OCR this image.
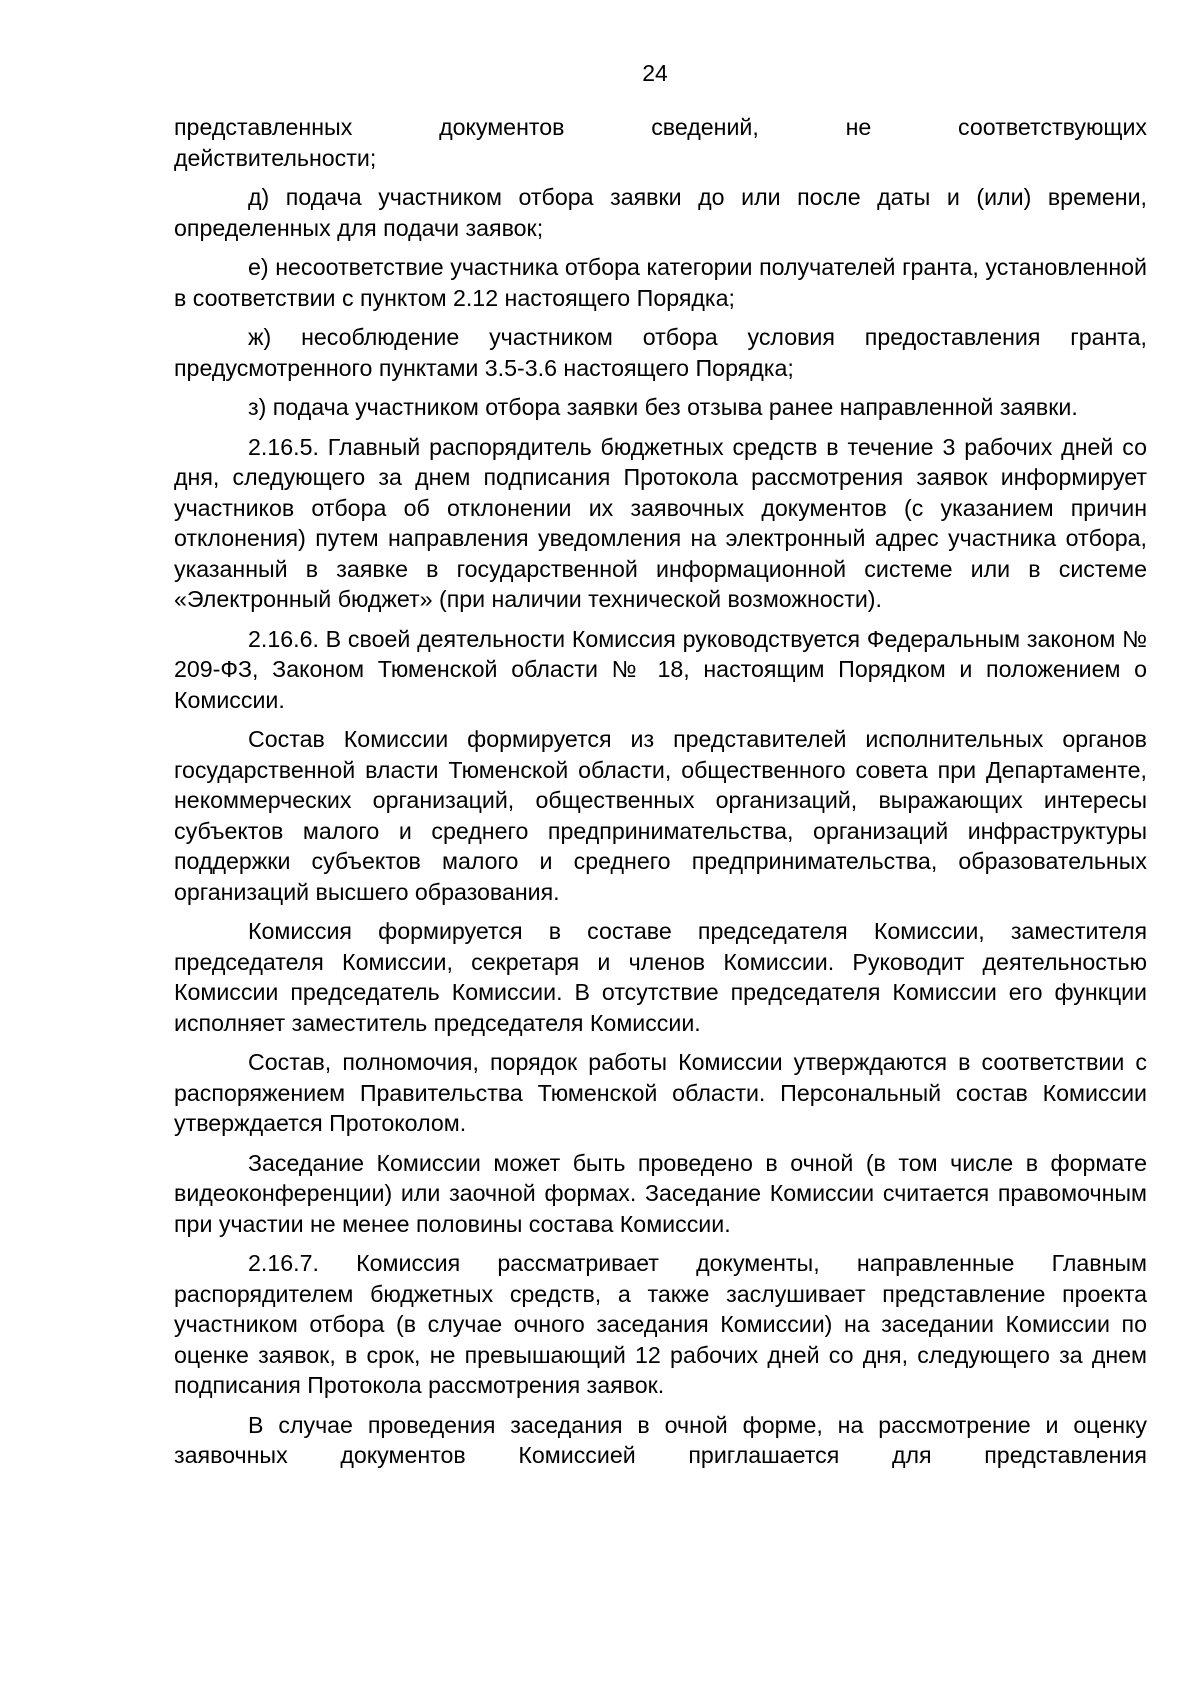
24
представленных документов сведений, не соответствующих
действительности;

д) подача участником отбора заявки до или после даты и (или) времени, определенных для подачи заявок;

е) несоответствие участника отбора категории получателей гранта, установленной в соответствии с пунктом 2.12 настоящего Порядка;

ж) несоблюдение участником отбора условия предоставления гранта, предусмотренного пунктами 3.5-3.6 настоящего Порядка;

з) подача участником отбора заявки без отзыва ранее направленной заявки.

2.16.5. Главный распорядитель бюджетных средств в течение 3 рабочих дней со дня, следующего за днем подписания Протокола рассмотрения заявок информирует участников отбора об отклонении их заявочных документов (с указанием причин отклонения) путем направления уведомления на электронный адрес участника отбора, указанный в заявке в государственной информационной системе или в системе «Электронный бюджет» (при наличии технической возможности).

2.16.6. В своей деятельности Комиссия руководствуется Федеральным законом № 209-ФЗ, Законом Тюменской области № 18, настоящим Порядком и положением о Комиссии.

Состав Комиссии формируется из представителей исполнительных органов государственной власти Тюменской области, общественного совета при Департаменте, некоммерческих организаций, общественных организаций, выражающих интересы субъектов малого и среднего предпринимательства, организаций инфраструктуры поддержки субъектов малого и среднего предпринимательства, образовательных организаций высшего образования.

Комиссия формируется в составе председателя Комиссии, заместителя председателя Комиссии, секретаря и членов Комиссии. Руководит деятельностью Комиссии председатель Комиссии. В отсутствие председателя Комиссии его функции исполняет заместитель председателя Комиссии.

Состав, полномочия, порядок работы Комиссии утверждаются в соответствии с распоряжением Правительства Тюменской области. Персональный состав Комиссии утверждается Протоколом.

Заседание Комиссии может быть проведено в очной (в том числе в формате видеоконференции) или заочной формах. Заседание Комиссии считается правомочным при участии не менее половины состава Комиссии.

2.16.7. Комиссия рассматривает документы, направленные Главным распорядителем бюджетных средств, а также заслушивает представление проекта участником отбора (в случае очного заседания Комиссии) на заседании Комиссии по оценке заявок, в срок, не превышающий 12 рабочих дней со дня, следующего за днем подписания Протокола рассмотрения заявок.

В случае проведения заседания в очной форме, на рассмотрение и оценку заявочных документов Комиссией приглашается для представления
